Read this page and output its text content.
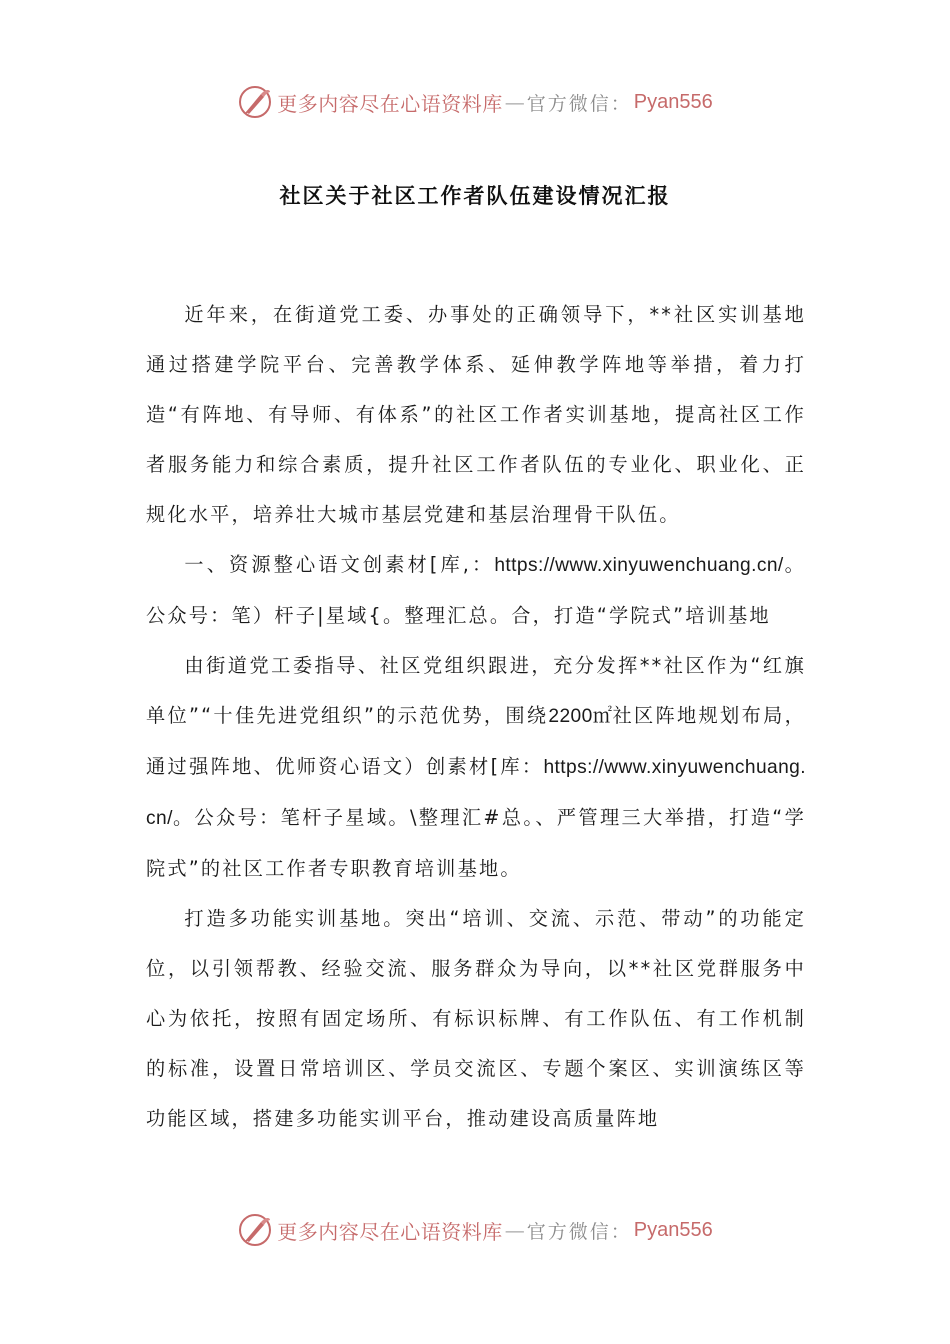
更多内容尽在心语资料库 — 官方微信： Pyan556
社区关于社区工作者队伍建设情况汇报

近年来，在街道党工委、办事处的正确领导下，**社区实训基地通过搭建学院平台、完善教学体系、延伸教学阵地等举措，着力打造“有阵地、有导师、有体系”的社区工作者实训基地，提高社区工作者服务能力和综合素质，提升社区工作者队伍的专业化、职业化、正规化水平，培养壮大城市基层党建和基层治理骨干队伍。

一、资源整心语文创素材[库,：https://www.xinyuwenchuang.cn/。公众号：笔）杆子|星域{。整理汇总。合，打造“学院式”培训基地

由街道党工委指导、社区党组织跟进，充分发挥**社区作为“红旗单位”“十佳先进党组织”的示范优势，围绕2200㎡社区阵地规划布局，通过强阵地、优师资心语文）创素材[库：https://www.xinyuwenchuang.cn/。公众号：笔杆子星域。\整理汇#总。、严管理三大举措，打造“学院式”的社区工作者专职教育培训基地。

打造多功能实训基地。突出“培训、交流、示范、带动”的功能定位，以引领帮教、经验交流、服务群众为导向，以**社区党群服务中心为依托，按照有固定场所、有标识标牌、有工作队伍、有工作机制的标准，设置日常培训区、学员交流区、专题个案区、实训演练区等功能区域，搭建多功能实训平台，推动建设高质量阵地

更多内容尽在心语资料库 — 官方微信： Pyan556
